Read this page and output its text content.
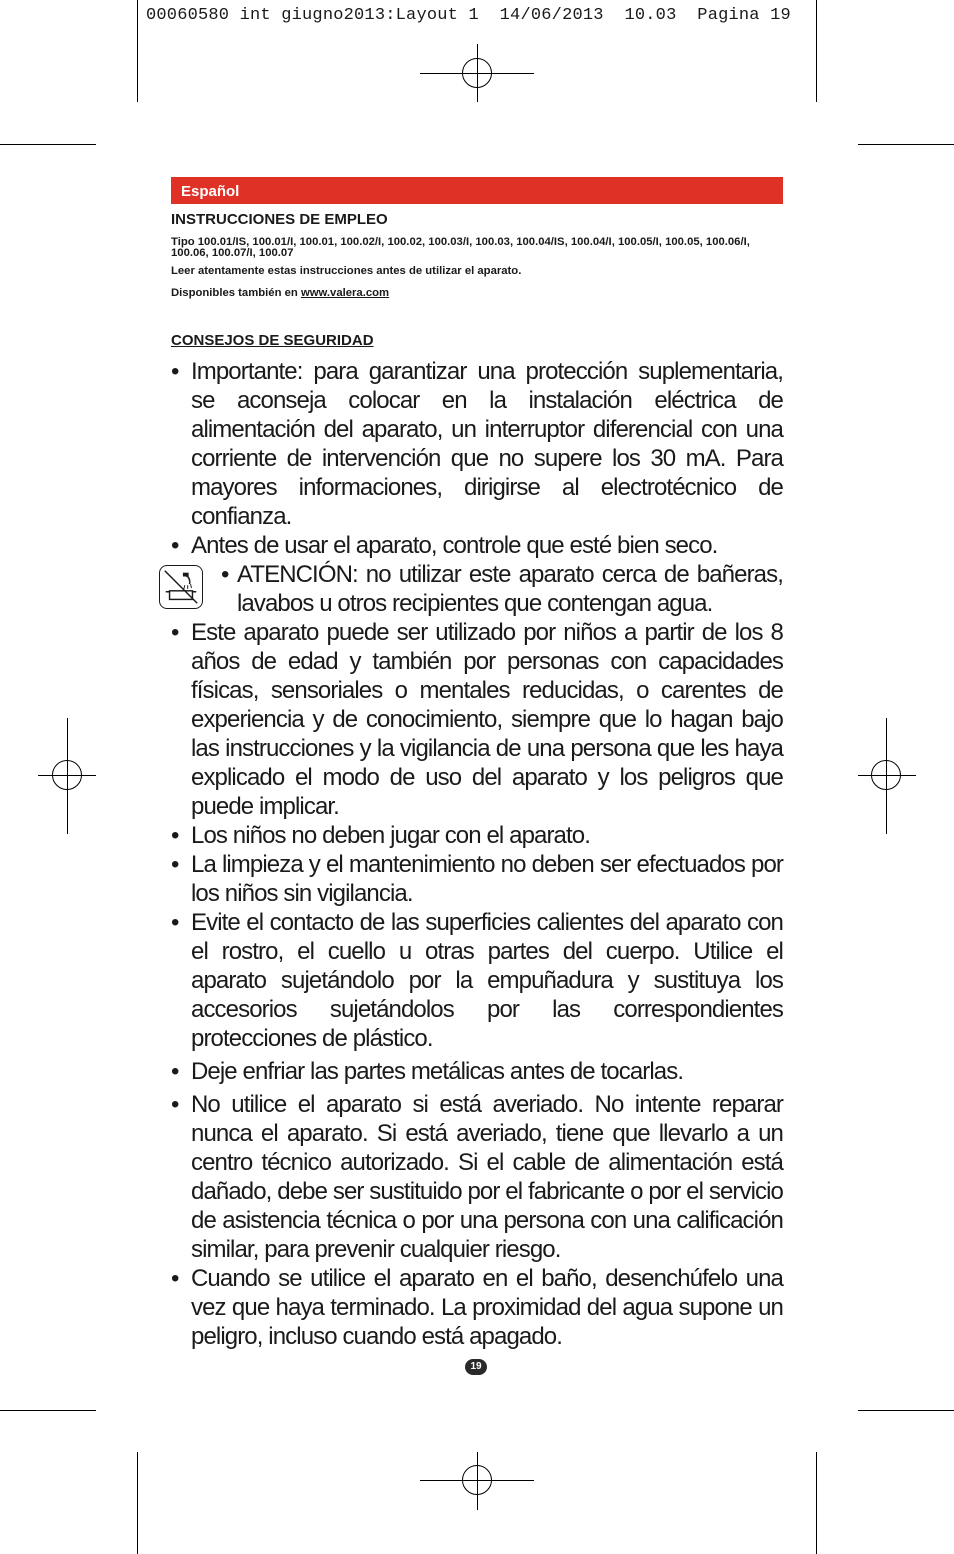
00060580 int giugno2013:Layout 1  14/06/2013  10.03  Pagina 19
Español
INSTRUCCIONES DE EMPLEO
Tipo 100.01/IS, 100.01/I, 100.01, 100.02/I, 100.02, 100.03/I, 100.03, 100.04/IS, 100.04/I, 100.05/I, 100.05, 100.06/I, 100.06, 100.07/I, 100.07
Leer atentamente estas instrucciones antes de utilizar el aparato.
Disponibles también en www.valera.com
CONSEJOS DE SEGURIDAD
• Importante: para garantizar una protección suplementaria, se aconseja colocar en la instalación eléctrica de alimentación del aparato, un interruptor diferencial con una corriente de intervención que no supere los 30 mA. Para mayores informaciones, dirigirse al electrotécnico de confianza.
• Antes de usar el aparato, controle que esté bien seco.
• ATENCIÓN: no utilizar este aparato cerca de bañeras, lavabos u otros recipientes que contengan agua.
• Este aparato puede ser utilizado por niños a partir de los 8 años de edad y también por personas con capacidades físicas, sensoriales o mentales reducidas, o carentes de experiencia y de conocimiento, siempre que lo hagan bajo las instrucciones y la vigilancia de una persona que les haya explicado el modo de uso del aparato y los peligros que puede implicar.
• Los niños no deben jugar con el aparato.
• La limpieza y el mantenimiento no deben ser efectuados por los niños sin vigilancia.
• Evite el contacto de las superficies calientes del aparato con el rostro, el cuello u otras partes del cuerpo. Utilice el aparato sujetándolo por la empuñadura y sustituya los accesorios sujetándolos por las correspondientes protecciones de plástico.
• Deje enfriar las partes metálicas antes de tocarlas.
• No utilice el aparato si está averiado. No intente reparar nunca el aparato. Si está averiado, tiene que llevarlo a un centro técnico autorizado. Si el cable de alimentación está dañado, debe ser sustituido por el fabricante o por el servicio de asistencia técnica o por una persona con una calificación similar, para prevenir cualquier riesgo.
• Cuando se utilice el aparato en el baño, desenchúfelo una vez que haya terminado. La proximidad del agua supone un peligro, incluso cuando está apagado.
19
